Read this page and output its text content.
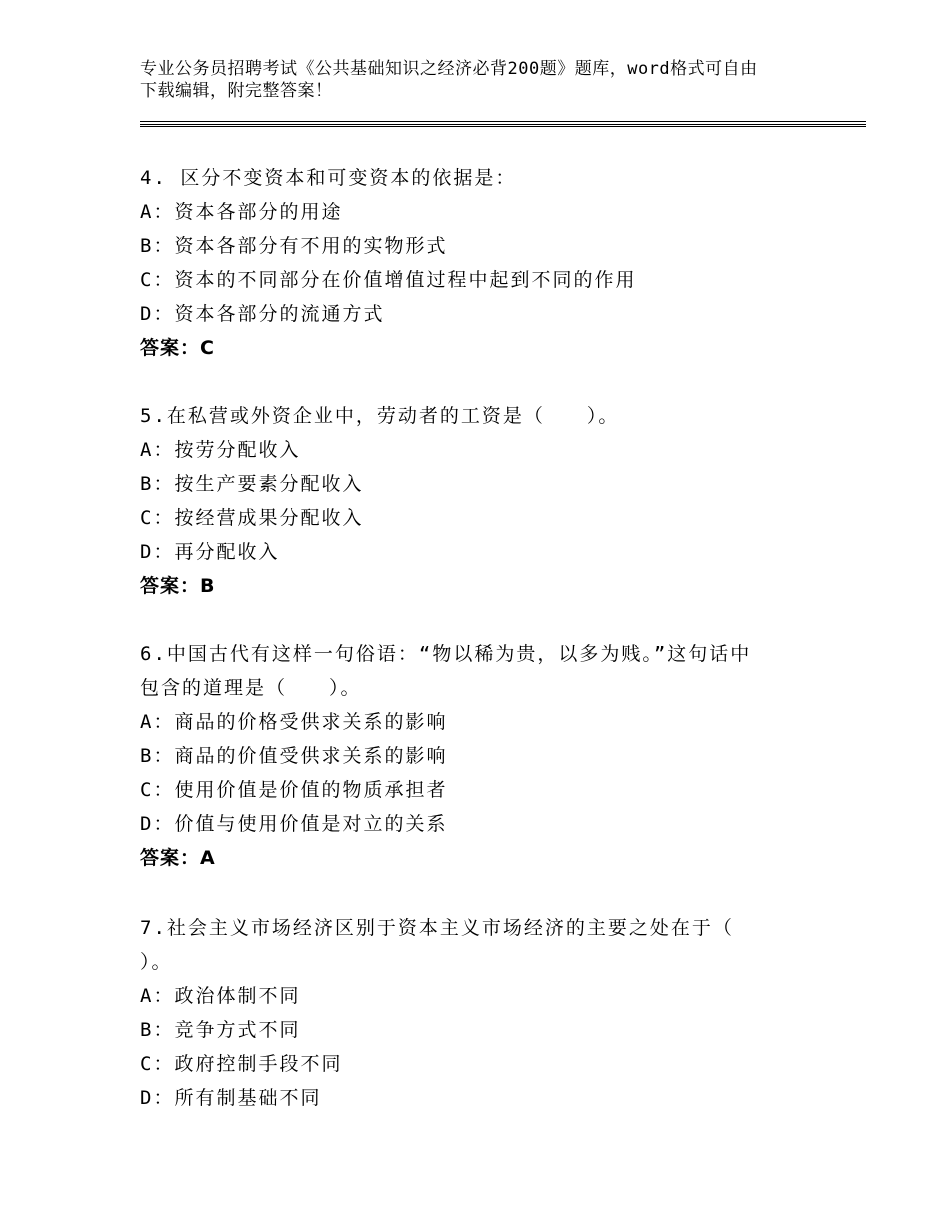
专业公务员招聘考试《公共基础知识之经济必背200题》题库，word格式可自由
下载编辑，附完整答案！
4. 区分不变资本和可变资本的依据是：
A：资本各部分的用途
B：资本各部分有不用的实物形式
C：资本的不同部分在价值增值过程中起到不同的作用
D：资本各部分的流通方式
答案：C
5.在私营或外资企业中，劳动者的工资是（　　）。
A：按劳分配收入
B：按生产要素分配收入
C：按经营成果分配收入
D：再分配收入
答案：B
6.中国古代有这样一句俗语：“物以稀为贵，以多为贱。”这句话中
包含的道理是（　　）。
A：商品的价格受供求关系的影响
B：商品的价值受供求关系的影响
C：使用价值是价值的物质承担者
D：价值与使用价值是对立的关系
答案：A
7.社会主义市场经济区别于资本主义市场经济的主要之处在于（
）。
A：政治体制不同
B：竞争方式不同
C：政府控制手段不同
D：所有制基础不同
